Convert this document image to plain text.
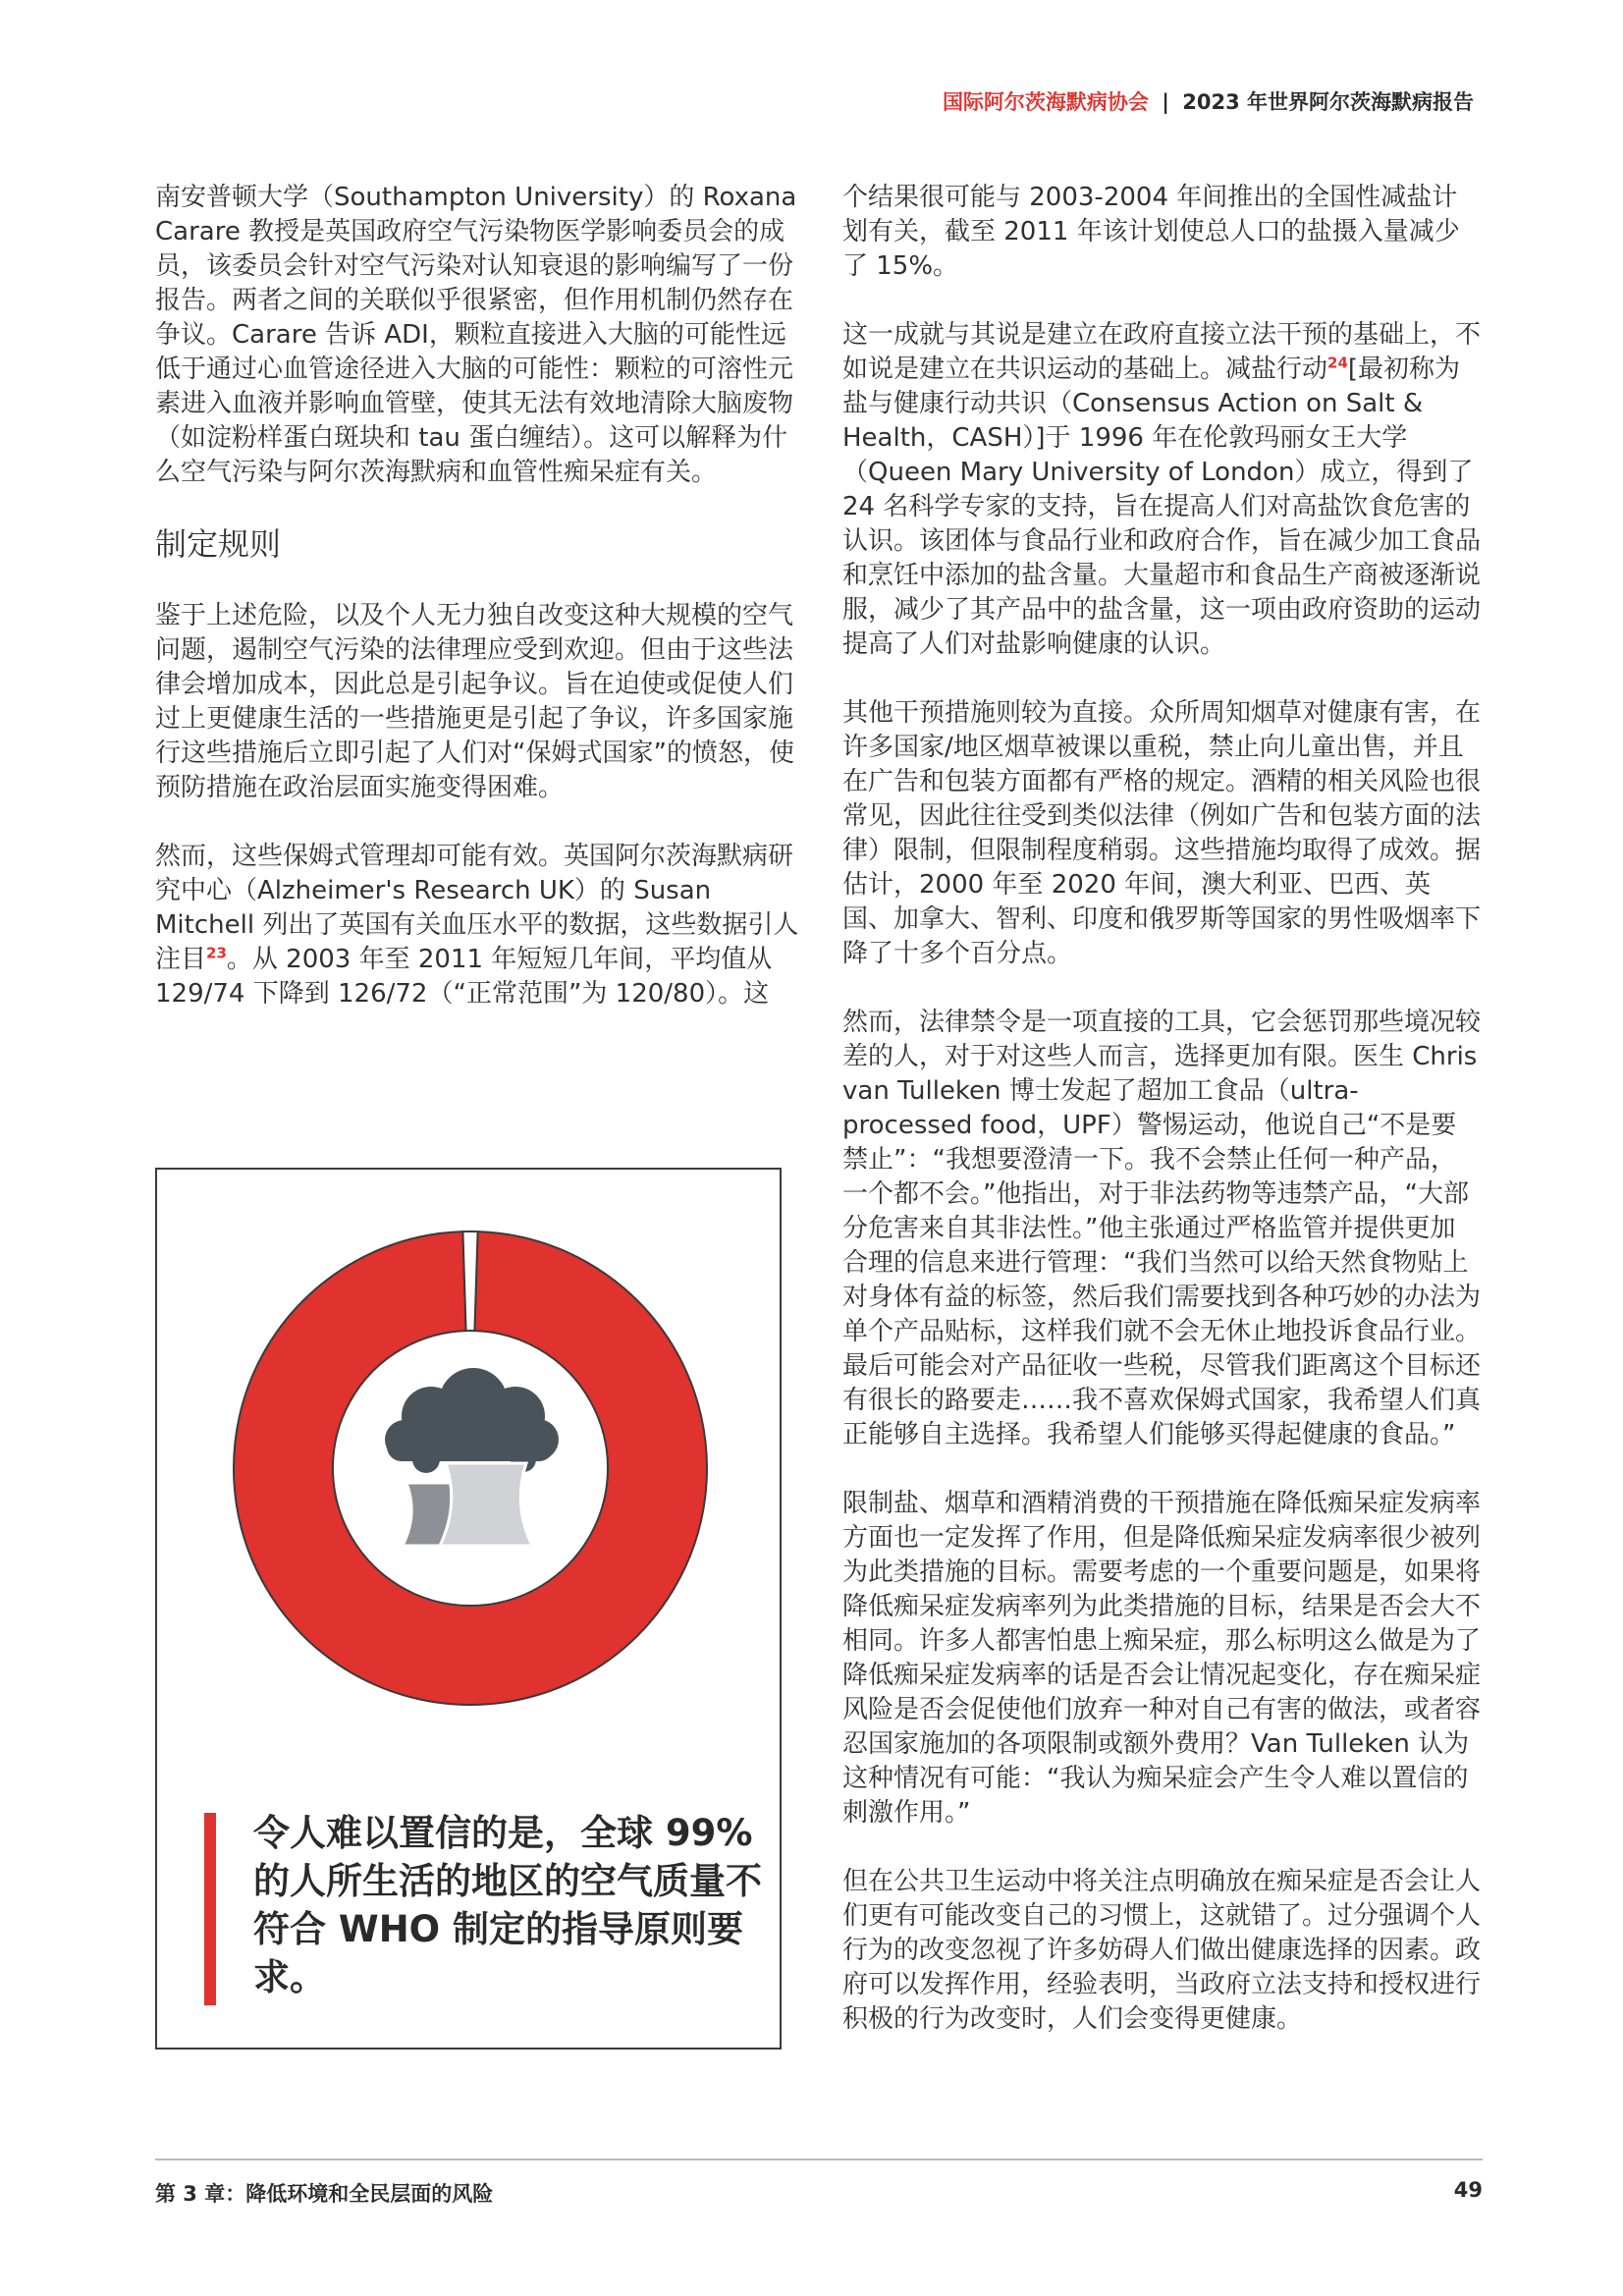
国际阿尔茨海默病协会 | 2023 年世界阿尔茨海默病报告

南安普顿大学（Southampton University）的 Roxana Carare 教授是英国政府空气污染物医学影响委员会的成员，该委员会针对空气污染对认知衰退的影响编写了一份报告。两者之间的关联似乎很紧密，但作用机制仍然存在争议。Carare 告诉 ADI，颗粒直接进入大脑的可能性远低于通过心血管途径进入大脑的可能性：颗粒的可溶性元素进入血液并影响血管壁，使其无法有效地清除大脑废物（如淀粉样蛋白斑块和 tau 蛋白缠结）。这可以解释为什么空气污染与阿尔茨海默病和血管性痴呆症有关。

制定规则

鉴于上述危险，以及个人无力独自改变这种大规模的空气问题，遏制空气污染的法律理应受到欢迎。但由于这些法律会增加成本，因此总是引起争议。旨在迫使或促使人们过上更健康生活的一些措施更是引起了争议，许多国家施行这些措施后立即引起了人们对“保姆式国家”的愤怒，使预防措施在政治层面实施变得困难。

然而，这些保姆式管理却可能有效。英国阿尔茨海默病研究中心（Alzheimer's Research UK）的 Susan Mitchell 列出了英国有关血压水平的数据，这些数据引人注目$^{23}$。从 2003 年至 2011 年短短几年间，平均值从 129/74 下降到 126/72（“正常范围”为 120/80）。这

个结果很可能与 2003-2004 年间推出的全国性减盐计划有关，截至 2011 年该计划使总人口的盐摄入量减少了 15%。

这一成就与其说是建立在政府直接立法干预的基础上，不如说是建立在共识运动的基础上。减盐行动$^{24}$[最初称为盐与健康行动共识（Consensus Action on Salt & Health，CASH）]于 1996 年在伦敦玛丽女王大学（Queen Mary University of London）成立，得到了 24 名科学专家的支持，旨在提高人们对高盐饮食危害的认识。该团体与食品行业和政府合作，旨在减少加工食品和烹饪中添加的盐含量。大量超市和食品生产商被逐渐说服，减少了其产品中的盐含量，这一项由政府资助的运动提高了人们对盐影响健康的认识。

其他干预措施则较为直接。众所周知烟草对健康有害，在许多国家/地区烟草被课以重税，禁止向儿童出售，并且在广告和包装方面都有严格的规定。酒精的相关风险也很常见，因此往往受到类似法律（例如广告和包装方面的法律）限制，但限制程度稍弱。这些措施均取得了成效。据估计，2000 年至 2020 年间，澳大利亚、巴西、英国、加拿大、智利、印度和俄罗斯等国家的男性吸烟率下降了十多个百分点。

然而，法律禁令是一项直接的工具，它会惩罚那些境况较差的人，对于对这些人而言，选择更加有限。医生 Chris van Tulleken 博士发起了超加工食品（ultra-processed food，UPF）警惕运动，他说自己“不是要禁止”：“我想要澄清一下。我不会禁止任何一种产品，一个都不会。”他指出，对于非法药物等违禁产品，“大部分危害来自其非法性。”他主张通过严格监管并提供更加合理的信息来进行管理：“我们当然可以给天然食物贴上对身体有益的标签，然后我们需要找到各种巧妙的办法为单个产品贴标，这样我们就不会无休止地投诉食品行业。最后可能会对产品征收一些税，尽管我们距离这个目标还有很长的路要走……我不喜欢保姆式国家，我希望人们真正能够自主选择。我希望人们能够买得起健康的食品。”

限制盐、烟草和酒精消费的干预措施在降低痴呆症发病率方面也一定发挥了作用，但是降低痴呆症发病率很少被列为此类措施的目标。需要考虑的一个重要问题是，如果将降低痴呆症发病率列为此类措施的目标，结果是否会大不相同。许多人都害怕患上痴呆症，那么标明这么做是为了降低痴呆症发病率的话是否会让情况起变化，存在痴呆症风险是否会促使他们放弃一种对自己有害的做法，或者容忍国家施加的各项限制或额外费用？Van Tulleken 认为这种情况有可能：“我认为痴呆症会产生令人难以置信的刺激作用。”

但在公共卫生运动中将关注点明确放在痴呆症是否会让人们更有可能改变自己的习惯上，这就错了。过分强调个人行为的改变忽视了许多妨碍人们做出健康选择的因素。政府可以发挥作用，经验表明，当政府立法支持和授权进行积极的行为改变时，人们会变得更健康。

令人难以置信的是，全球 99% 的人所生活的地区的空气质量不符合 WHO 制定的指导原则要求。
第 3 章：降低环境和全民层面的风险	49
